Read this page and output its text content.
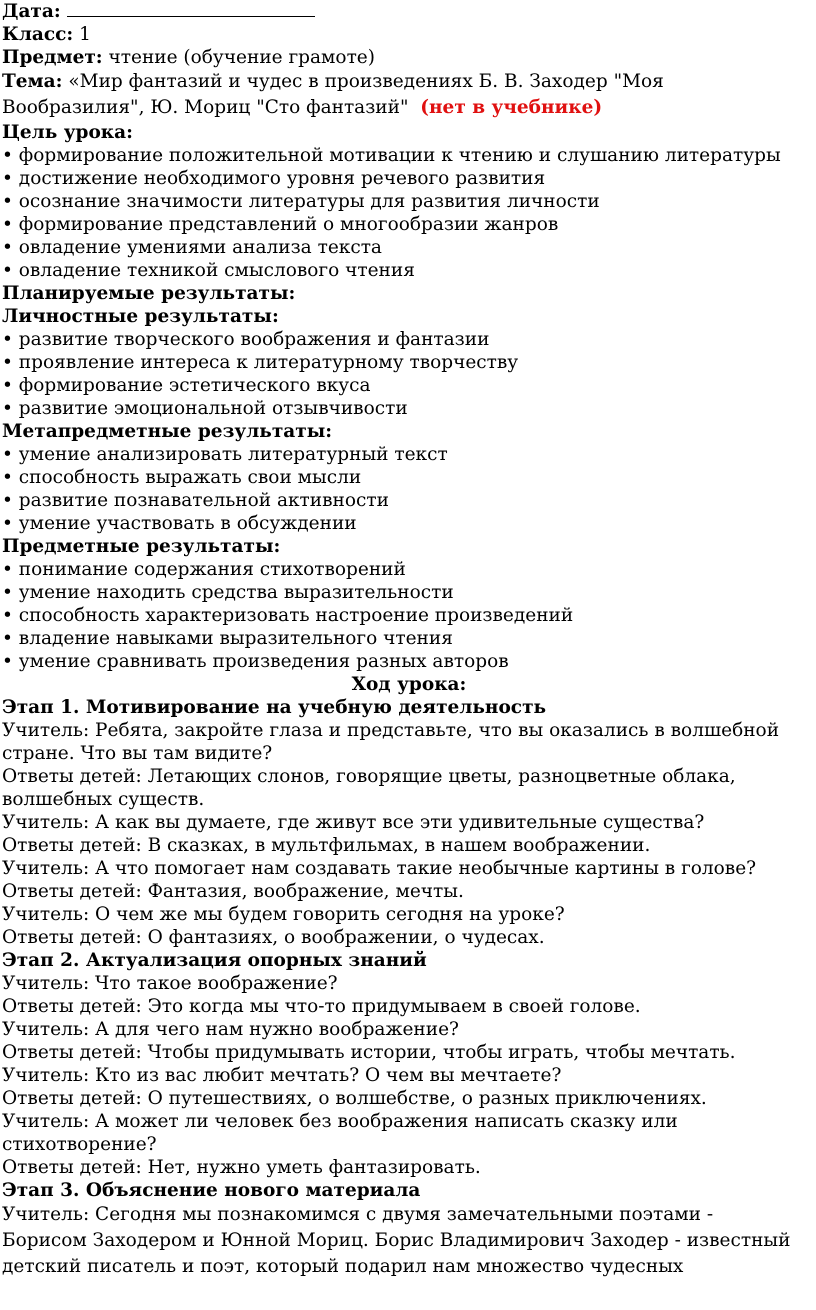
Дата:
Класс: 1
Предмет: чтение (обучение грамоте)
Тема: «Мир фантазий и чудес в произведениях Б. В. Заходер "Моя
Вообразилия", Ю. Мориц "Сто фантазий" (нет в учебнике)
Цель урока:
• формирование положительной мотивации к чтению и слушанию литературы
• достижение необходимого уровня речевого развития
• осознание значимости литературы для развития личности
• формирование представлений о многообразии жанров
• овладение умениями анализа текста
• овладение техникой смыслового чтения
Планируемые результаты:
Личностные результаты:
• развитие творческого воображения и фантазии
• проявление интереса к литературному творчеству
• формирование эстетического вкуса
• развитие эмоциональной отзывчивости
Метапредметные результаты:
• умение анализировать литературный текст
• способность выражать свои мысли
• развитие познавательной активности
• умение участвовать в обсуждении
Предметные результаты:
• понимание содержания стихотворений
• умение находить средства выразительности
• способность характеризовать настроение произведений
• владение навыками выразительного чтения
• умение сравнивать произведения разных авторов
Ход урока:
Этап 1. Мотивирование на учебную деятельность
Учитель: Ребята, закройте глаза и представьте, что вы оказались в волшебной
стране. Что вы там видите?
Ответы детей: Летающих слонов, говорящие цветы, разноцветные облака,
волшебных существ.
Учитель: А как вы думаете, где живут все эти удивительные существа?
Ответы детей: В сказках, в мультфильмах, в нашем воображении.
Учитель: А что помогает нам создавать такие необычные картины в голове?
Ответы детей: Фантазия, воображение, мечты.
Учитель: О чем же мы будем говорить сегодня на уроке?
Ответы детей: О фантазиях, о воображении, о чудесах.
Этап 2. Актуализация опорных знаний
Учитель: Что такое воображение?
Ответы детей: Это когда мы что-то придумываем в своей голове.
Учитель: А для чего нам нужно воображение?
Ответы детей: Чтобы придумывать истории, чтобы играть, чтобы мечтать.
Учитель: Кто из вас любит мечтать? О чем вы мечтаете?
Ответы детей: О путешествиях, о волшебстве, о разных приключениях.
Учитель: А может ли человек без воображения написать сказку или
стихотворение?
Ответы детей: Нет, нужно уметь фантазировать.
Этап 3. Объяснение нового материала
Учитель: Сегодня мы познакомимся с двумя замечательными поэтами -
Борисом Заходером и Юнной Мориц. Борис Владимирович Заходер - известный
детский писатель и поэт, который подарил нам множество чудесных
